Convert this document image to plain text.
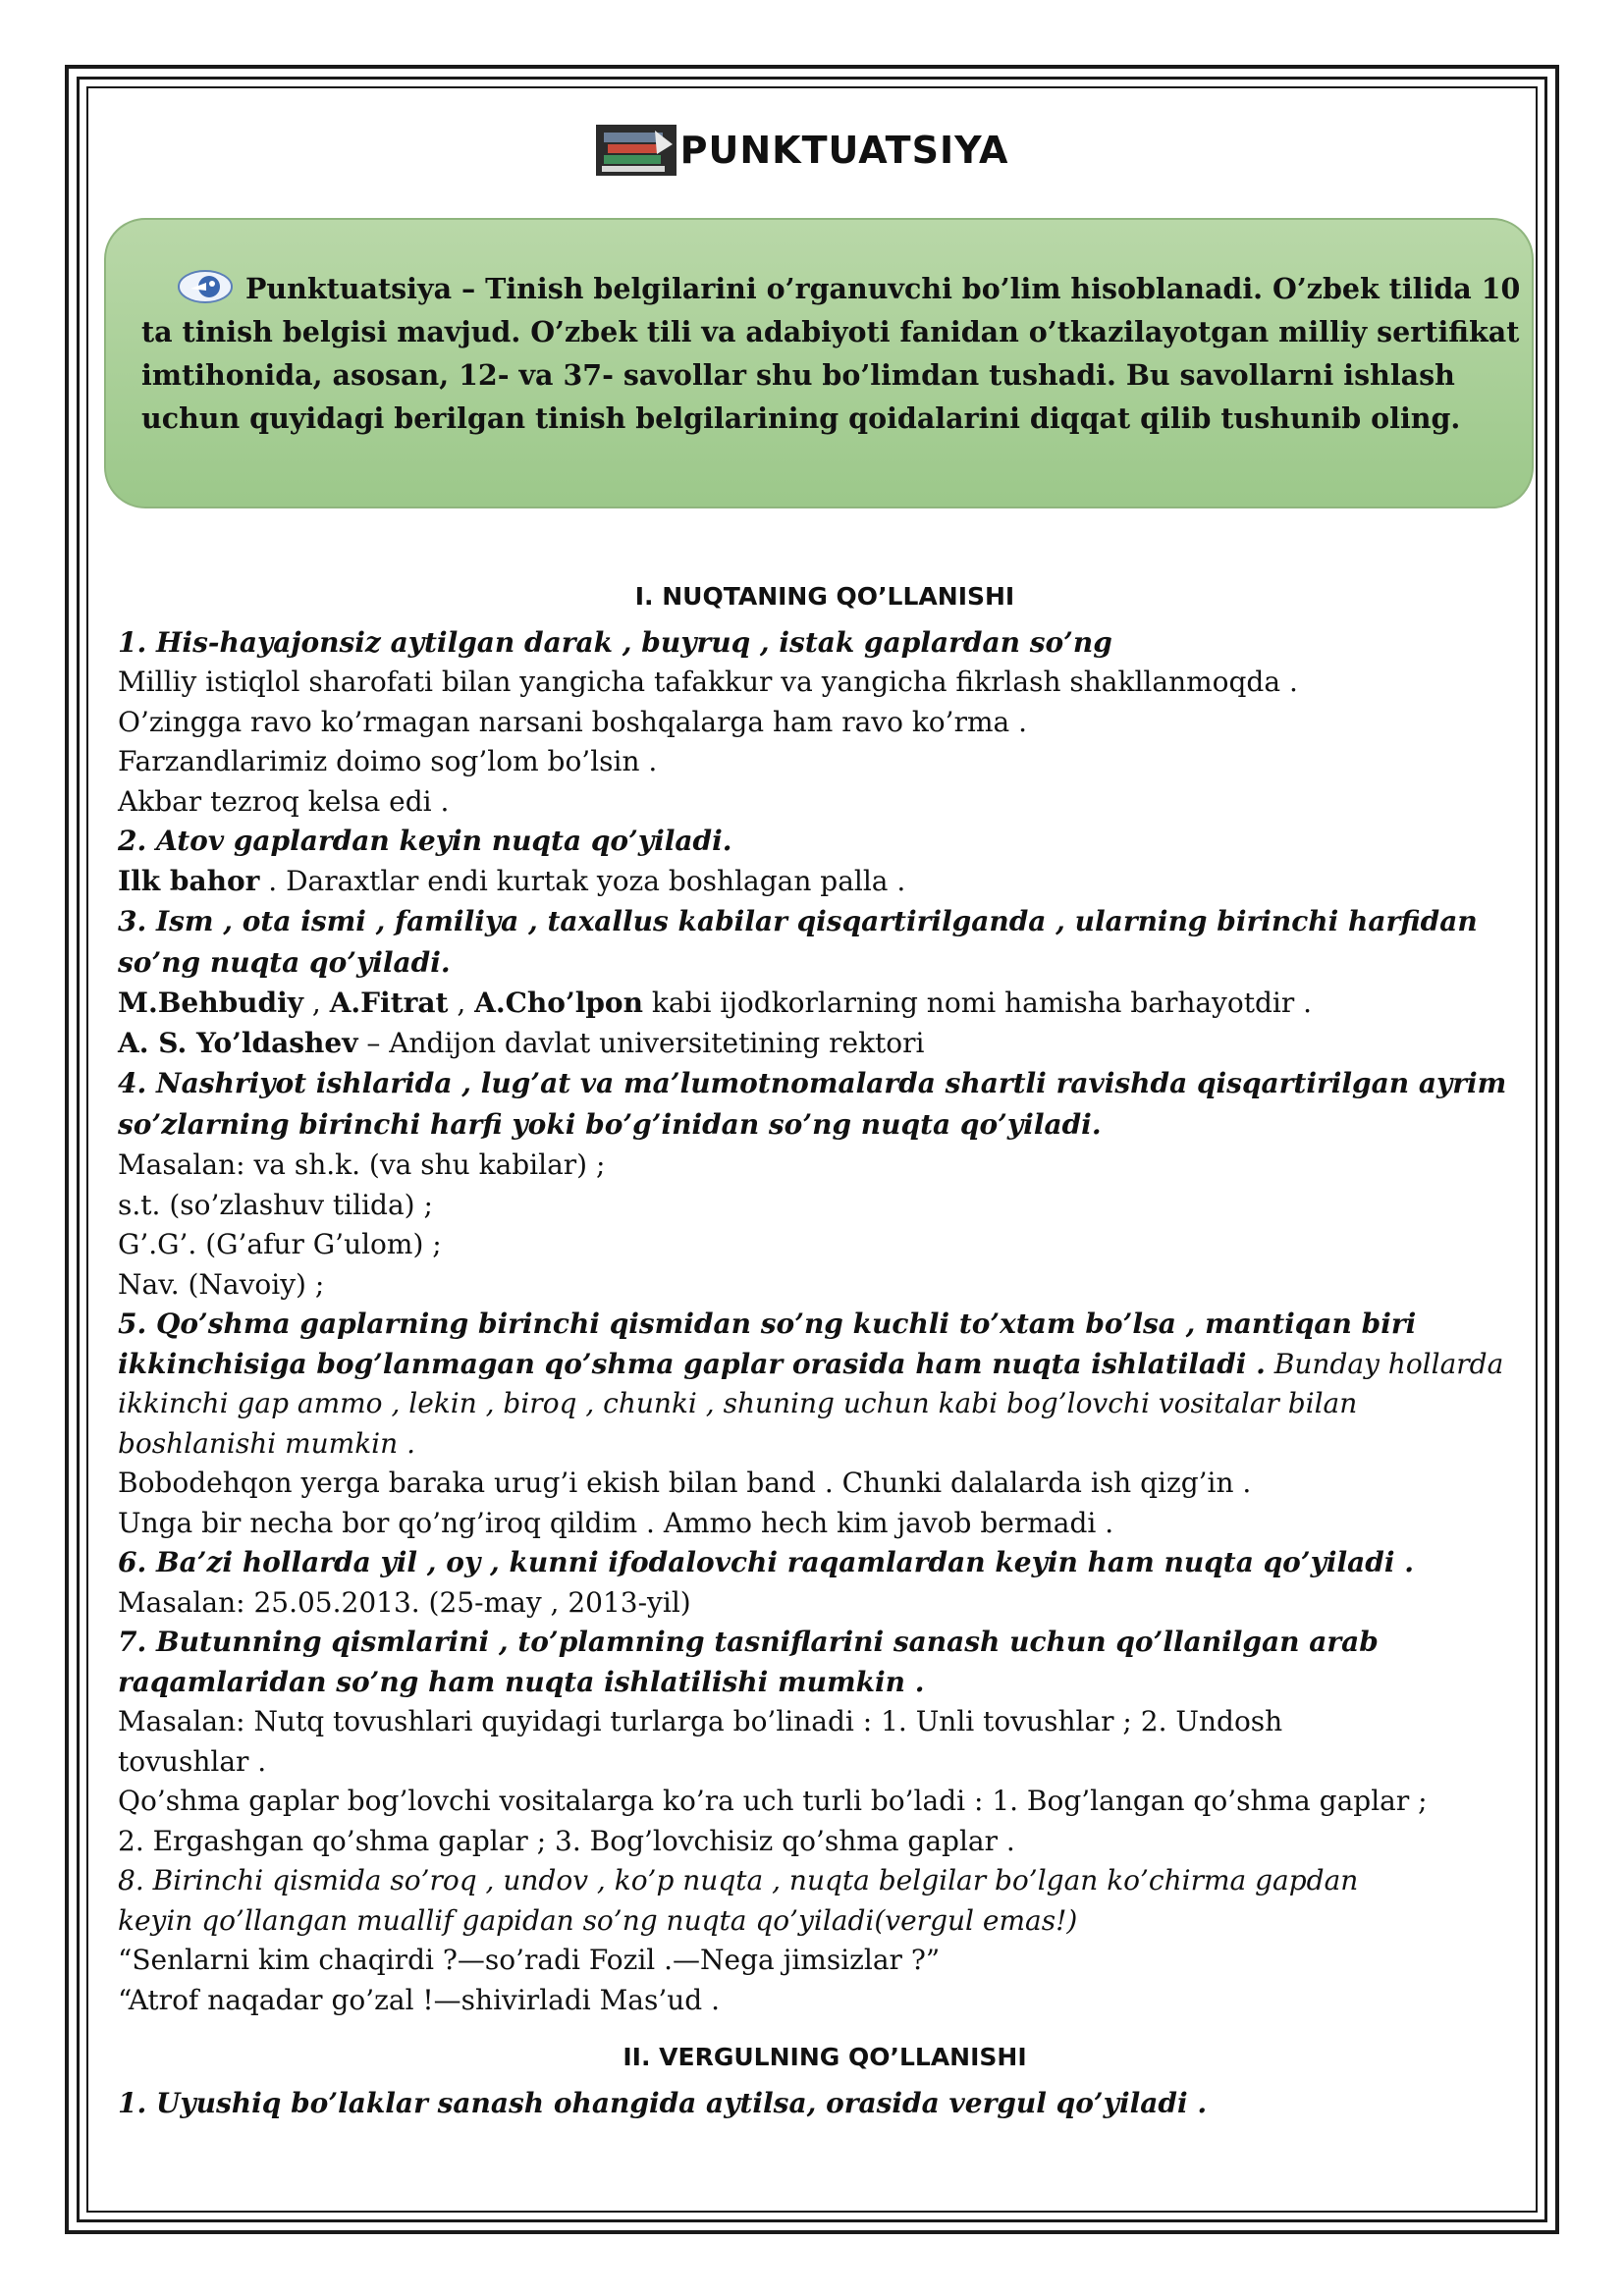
PUNKTUATSIYA
Punktuatsiya – Tinish belgilarini o’rganuvchi bo’lim hisoblanadi. O’zbek tilida 10
ta tinish belgisi mavjud. O’zbek tili va adabiyoti fanidan o’tkazilayotgan milliy sertifikat
imtihonida, asosan, 12- va 37- savollar shu bo’limdan tushadi. Bu savollarni ishlash
uchun quyidagi berilgan tinish belgilarining qoidalarini diqqat qilib tushunib oling.
I. NUQTANING QO’LLANISHI
1. His-hayajonsiz aytilgan darak , buyruq , istak gaplardan so’ng
Milliy istiqlol sharofati bilan yangicha tafakkur va yangicha fikrlash shakllanmoqda .
O’zingga ravo ko’rmagan narsani boshqalarga ham ravo ko’rma .
Farzandlarimiz doimo sog’lom bo’lsin .
Akbar tezroq kelsa edi .
2. Atov gaplardan keyin nuqta qo’yiladi.
Ilk bahor . Daraxtlar endi kurtak yoza boshlagan palla .
3. Ism , ota ismi , familiya , taxallus kabilar qisqartirilganda , ularning birinchi harfidan
so’ng nuqta qo’yiladi.
M.Behbudiy , A.Fitrat , A.Cho’lpon kabi ijodkorlarning nomi hamisha barhayotdir .
A. S. Yo’ldashev – Andijon davlat universitetining rektori
4. Nashriyot ishlarida , lug’at va ma’lumotnomalarda shartli ravishda qisqartirilgan ayrim
so’zlarning birinchi harfi yoki bo’g’inidan so’ng nuqta qo’yiladi.
Masalan: va sh.k. (va shu kabilar) ;
s.t. (so’zlashuv tilida) ;
G’.G’. (G’afur G’ulom) ;
Nav. (Navoiy) ;
5. Qo’shma gaplarning birinchi qismidan so’ng kuchli to’xtam bo’lsa , mantiqan biri
ikkinchisiga bog’lanmagan qo’shma gaplar orasida ham nuqta ishlatiladi . Bunday hollarda
ikkinchi gap ammo , lekin , biroq , chunki , shuning uchun kabi bog’lovchi vositalar bilan
boshlanishi mumkin .
Bobodehqon yerga baraka urug’i ekish bilan band . Chunki dalalarda ish qizg’in .
Unga bir necha bor qo’ng’iroq qildim . Ammo hech kim javob bermadi .
6. Ba’zi hollarda yil , oy , kunni ifodalovchi raqamlardan keyin ham nuqta qo’yiladi .
Masalan: 25.05.2013. (25-may , 2013-yil)
7. Butunning qismlarini , to’plamning tasniflarini sanash uchun qo’llanilgan arab
raqamlaridan so’ng ham nuqta ishlatilishi mumkin .
Masalan: Nutq tovushlari quyidagi turlarga bo’linadi : 1. Unli tovushlar ; 2. Undosh
tovushlar .
Qo’shma gaplar bog’lovchi vositalarga ko’ra uch turli bo’ladi : 1. Bog’langan qo’shma gaplar ;
2. Ergashgan qo’shma gaplar ; 3. Bog’lovchisiz qo’shma gaplar .
8. Birinchi qismida so’roq , undov , ko’p nuqta , nuqta belgilar bo’lgan ko’chirma gapdan
keyin qo’llangan muallif gapidan so’ng nuqta qo’yiladi(vergul emas!)
“Senlarni kim chaqirdi ?—so’radi Fozil .—Nega jimsizlar ?”
“Atrof naqadar go’zal !—shivirladi Mas’ud .
II. VERGULNING QO’LLANISHI
1. Uyushiq bo’laklar sanash ohangida aytilsa, orasida vergul qo’yiladi .
